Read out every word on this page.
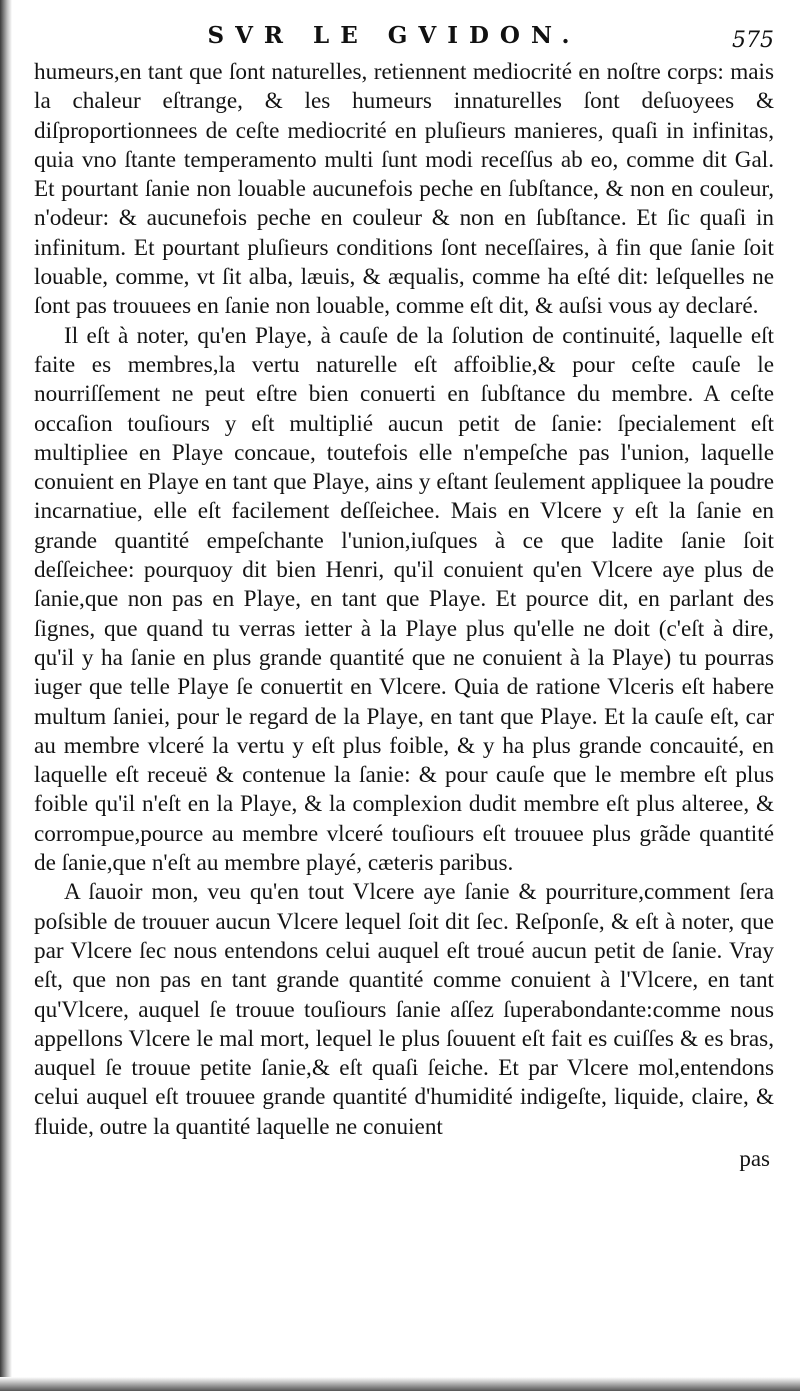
SVR LE GVIDON.	575

humeurs,en tant que ſont naturelles, retiennent mediocrité en noſtre corps: mais la chaleur eſtrange, & les humeurs innaturelles ſont deſuoyees & diſproportionnees de ceſte mediocrité en pluſieurs manieres, quaſi in infinitas, quia vno ſtante temperamento multi ſunt modi receſſus ab eo, comme dit Gal. Et pourtant ſanie non louable aucunefois peche en ſubſtance, & non en couleur, n'odeur: & aucunefois peche en couleur & non en ſubſtance. Et ſic quaſi in infinitum. Et pourtant pluſieurs conditions ſont neceſſaires, à fin que ſanie ſoit louable, comme, vt ſit alba, læuis, & æqualis, comme ha eſté dit: leſquelles ne ſont pas trouuees en ſanie non louable, comme eſt dit, & auſsi vous ay declaré.

Il eſt à noter, qu'en Playe, à cauſe de la ſolution de continuité, laquelle eſt faite es membres,la vertu naturelle eſt affoiblie,& pour ceſte cauſe le nourriſſement ne peut eſtre bien conuerti en ſubſtance du membre. A ceſte occaſion touſiours y eſt multiplié aucun petit de ſanie: ſpecialement eſt multipliee en Playe concaue, toutefois elle n'empeſche pas l'union, laquelle conuient en Playe en tant que Playe, ains y eſtant ſeulement appliquee la poudre incarnatiue, elle eſt facilement deſſeichee. Mais en Vlcere y eſt la ſanie en grande quantité empeſchante l'union,iuſques à ce que ladite ſanie ſoit deſſeichee: pourquoy dit bien Henri, qu'il conuient qu'en Vlcere aye plus de ſanie,que non pas en Playe, en tant que Playe. Et pource dit, en parlant des ſignes, que quand tu verras ietter à la Playe plus qu'elle ne doit (c'eſt à dire, qu'il y ha ſanie en plus grande quantité que ne conuient à la Playe) tu pourras iuger que telle Playe ſe conuertit en Vlcere. Quia de ratione Vlceris eſt habere multum ſaniei, pour le regard de la Playe, en tant que Playe. Et la cauſe eſt, car au membre vlceré la vertu y eſt plus foible, & y ha plus grande concauité, en laquelle eſt receuë & contenue la ſanie: & pour cauſe que le membre eſt plus foible qu'il n'eſt en la Playe, & la complexion dudit membre eſt plus alteree, & corrompue,pource au membre vlceré touſiours eſt trouuee plus grãde quantité de ſanie,que n'eſt au membre playé, cæteris paribus.

A ſauoir mon, veu qu'en tout Vlcere aye ſanie & pourriture,comment ſera poſsible de trouuer aucun Vlcere lequel ſoit dit ſec. Reſponſe, & eſt à noter, que par Vlcere ſec nous entendons celui auquel eſt troué aucun petit de ſanie. Vray eſt, que non pas en tant grande quantité comme conuient à l'Vlcere, en tant qu'Vlcere, auquel ſe trouue touſiours ſanie aſſez ſuperabondante:comme nous appellons Vlcere le mal mort, lequel le plus ſouuent eſt fait es cuiſſes & es bras, auquel ſe trouue petite ſanie,& eſt quaſi ſeiche. Et par Vlcere mol,entendons celui auquel eſt trouuee grande quantité d'humidité indigeſte, liquide, claire, & fluide, outre la quantité laquelle ne conuient

pas
